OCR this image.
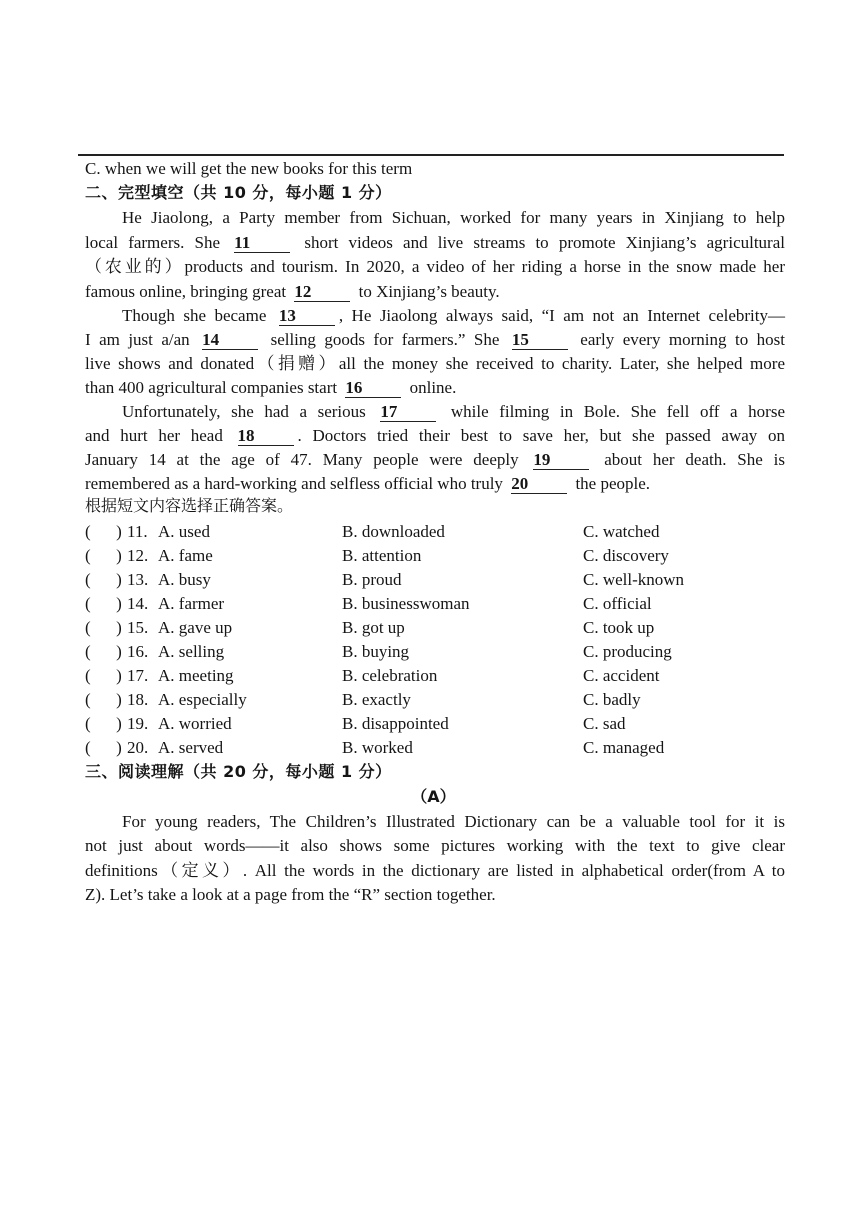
C. when we will get the new books for this term
二、完型填空（共 10 分，每小题 1 分）
He Jiaolong, a Party member from Sichuan, worked for many years in Xinjiang to help
local farmers. She 11	short videos and live streams to promote Xinjiang’s agricultural
（农业的）products and tourism. In 2020, a video of her riding a horse in the snow made her
famous online, bringing great 12	to Xinjiang’s beauty.
Though she became 13	, He Jiaolong always said, “I am not an Internet celebrity—
I am just a/an 14	selling goods for farmers.” She 15	early every morning to host
live shows and donated（捐赠）all the money she received to charity. Later, she helped more
than 400 agricultural companies start 16	online.
Unfortunately, she had a serious 17	while filming in Bole. She fell off a horse
and hurt her head 18	. Doctors tried their best to save her, but she passed away on
January 14 at the age of 47. Many people were deeply 19	about her death. She is
remembered as a hard-working and selfless official who truly 20	the people.
根据短文内容选择正确答案。
(      ) 11. A. used	B. downloaded	C. watched
(      ) 12. A. fame	B. attention	C. discovery
(      ) 13. A. busy	B. proud	C. well-known
(      ) 14. A. farmer	B. businesswoman	C. official
(      ) 15. A. gave up	B. got up	C. took up
(      ) 16. A. selling	B. buying	C. producing
(      ) 17. A. meeting	B. celebration	C. accident
(      ) 18. A. especially	B. exactly	C. badly
(      ) 19. A. worried	B. disappointed	C. sad
(      ) 20. A. served	B. worked	C. managed
三、阅读理解（共 20 分，每小题 1 分）
（A）
For young readers, The Children’s Illustrated Dictionary can be a valuable tool for it is
not just about words——it also shows some pictures working with the text to give clear
definitions（定义）. All the words in the dictionary are listed in alphabetical order(from A to
Z). Let’s take a look at a page from the “R” section together.
